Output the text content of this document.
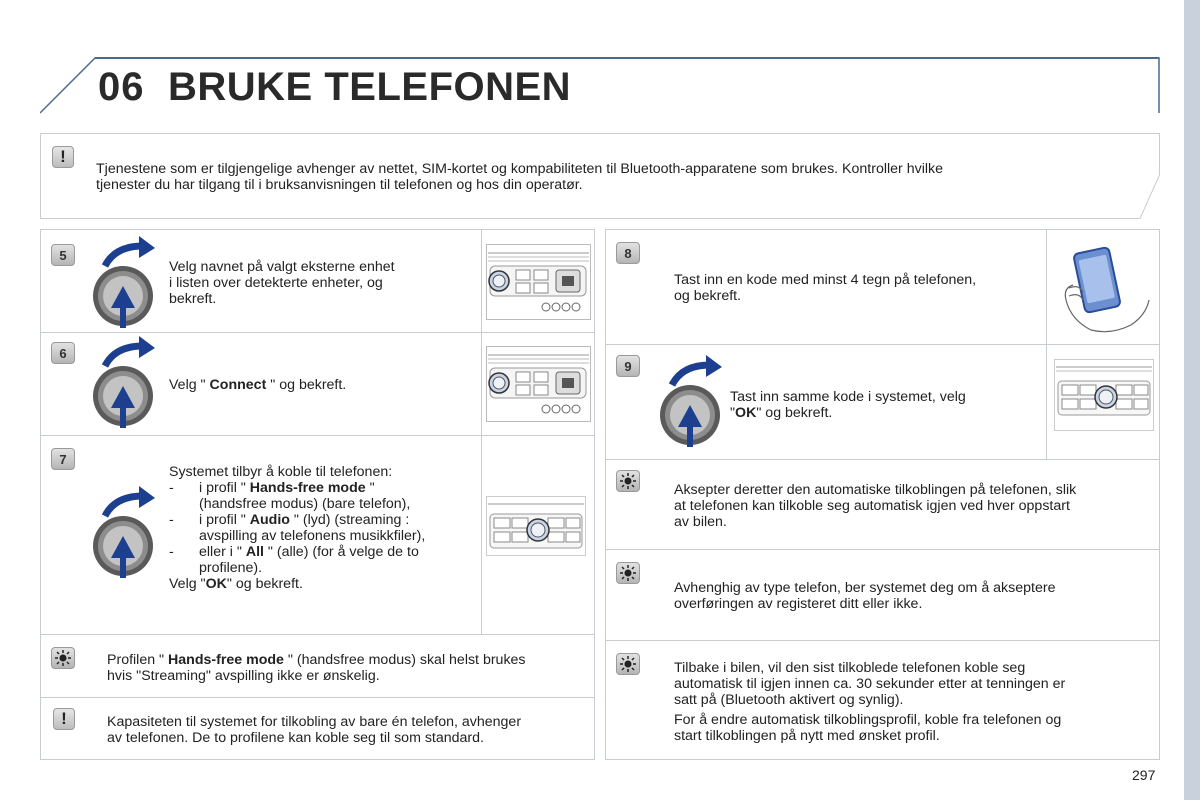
06 BRUKE TELEFONEN
!
Tjenestene som er tilgjengelige avhenger av nettet, SIM-kortet og kompabiliteten til Bluetooth-apparatene som brukes. Kontroller hvilke
tjenester du har tilgang til i bruksanvisningen til telefonen og hos din operatør.
5
Velg navnet på valgt eksterne enhet
i listen over detekterte enheter, og
bekreft.
6
Velg " Connect " og bekreft.
7
Systemet tilbyr å koble til telefonen:
- i profil " Hands-free mode "
(handsfree modus) (bare telefon),
- i profil " Audio " (lyd) (streaming :
avspilling av telefonens musikkfiler),
- eller i " All " (alle) (for å velge de to
profilene).
Velg "OK" og bekreft.
Profilen " Hands-free mode " (handsfree modus) skal helst brukes
hvis "Streaming" avspilling ikke er ønskelig.
!	Kapasiteten til systemet for tilkobling av bare én telefon, avhenger
av telefonen. De to profilene kan koble seg til som standard.
8
Tast inn en kode med minst 4 tegn på telefonen,
og bekreft.
9
Tast inn samme kode i systemet, velg
"OK" og bekreft.
Aksepter deretter den automatiske tilkoblingen på telefonen, slik
at telefonen kan tilkoble seg automatisk igjen ved hver oppstart
av bilen.
Avhenghig av type telefon, ber systemet deg om å akseptere
overføringen av registeret ditt eller ikke.
Tilbake i bilen, vil den sist tilkoblede telefonen koble seg
automatisk til igjen innen ca. 30 sekunder etter at tenningen er
satt på (Bluetooth aktivert og synlig).
For å endre automatisk tilkoblingsprofil, koble fra telefonen og
start tilkoblingen på nytt med ønsket profil.
297
